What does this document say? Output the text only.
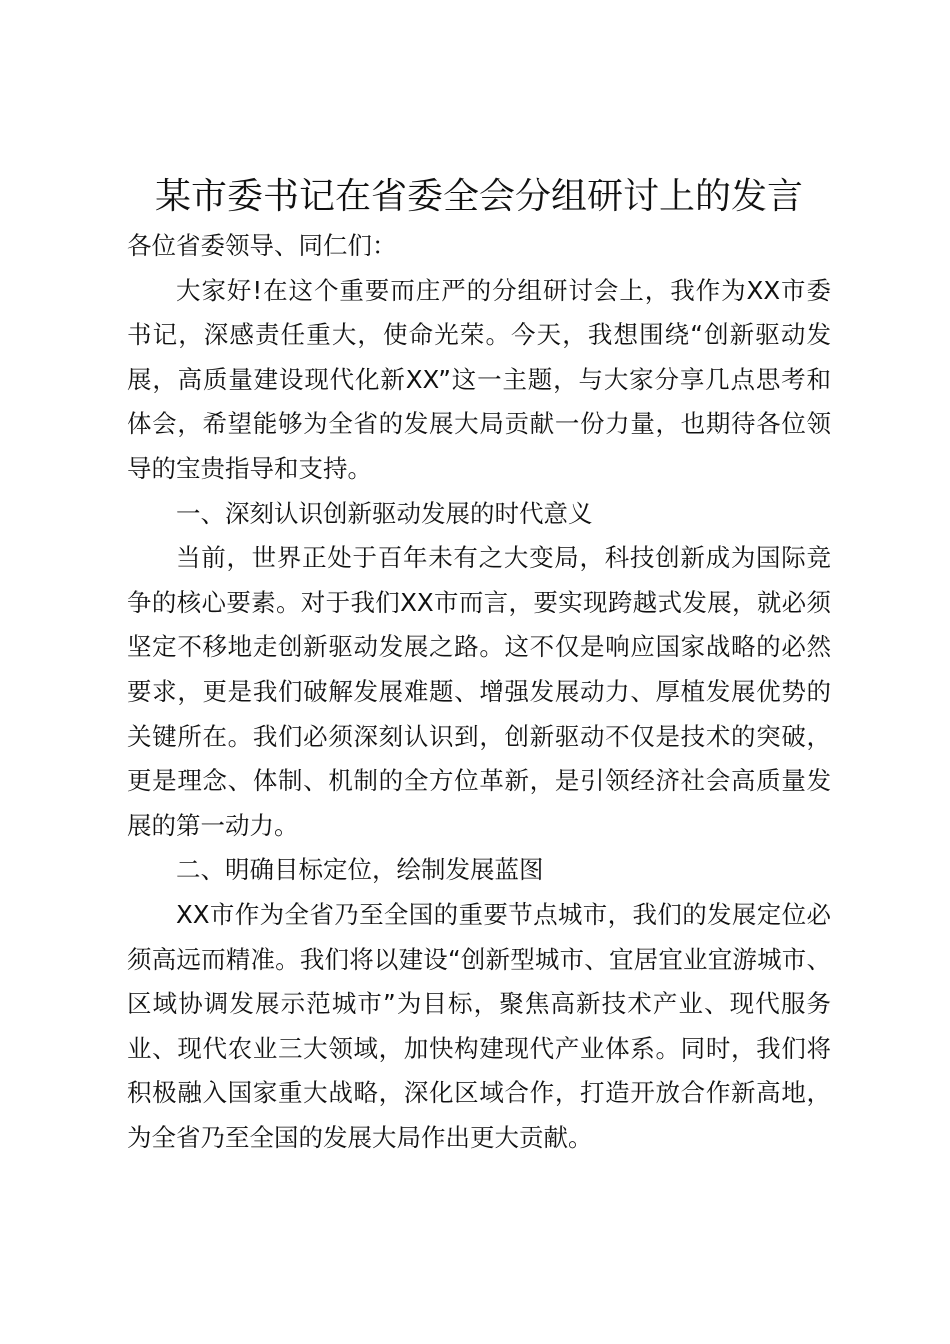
某市委书记在省委全会分组研讨上的发言

各位省委领导、同仁们：

大家好!在这个重要而庄严的分组研讨会上，我作为XX市委书记，深感责任重大，使命光荣。今天，我想围绕“创新驱动发展，高质量建设现代化新XX”这一主题，与大家分享几点思考和体会，希望能够为全省的发展大局贡献一份力量，也期待各位领导的宝贵指导和支持。

一、深刻认识创新驱动发展的时代意义

当前，世界正处于百年未有之大变局，科技创新成为国际竞争的核心要素。对于我们XX市而言，要实现跨越式发展，就必须坚定不移地走创新驱动发展之路。这不仅是响应国家战略的必然要求，更是我们破解发展难题、增强发展动力、厚植发展优势的关键所在。我们必须深刻认识到，创新驱动不仅是技术的突破，更是理念、体制、机制的全方位革新，是引领经济社会高质量发展的第一动力。

二、明确目标定位，绘制发展蓝图

XX市作为全省乃至全国的重要节点城市，我们的发展定位必须高远而精准。我们将以建设“创新型城市、宜居宜业宜游城市、区域协调发展示范城市”为目标，聚焦高新技术产业、现代服务业、现代农业三大领域，加快构建现代产业体系。同时，我们将积极融入国家重大战略，深化区域合作，打造开放合作新高地，为全省乃至全国的发展大局作出更大贡献。
